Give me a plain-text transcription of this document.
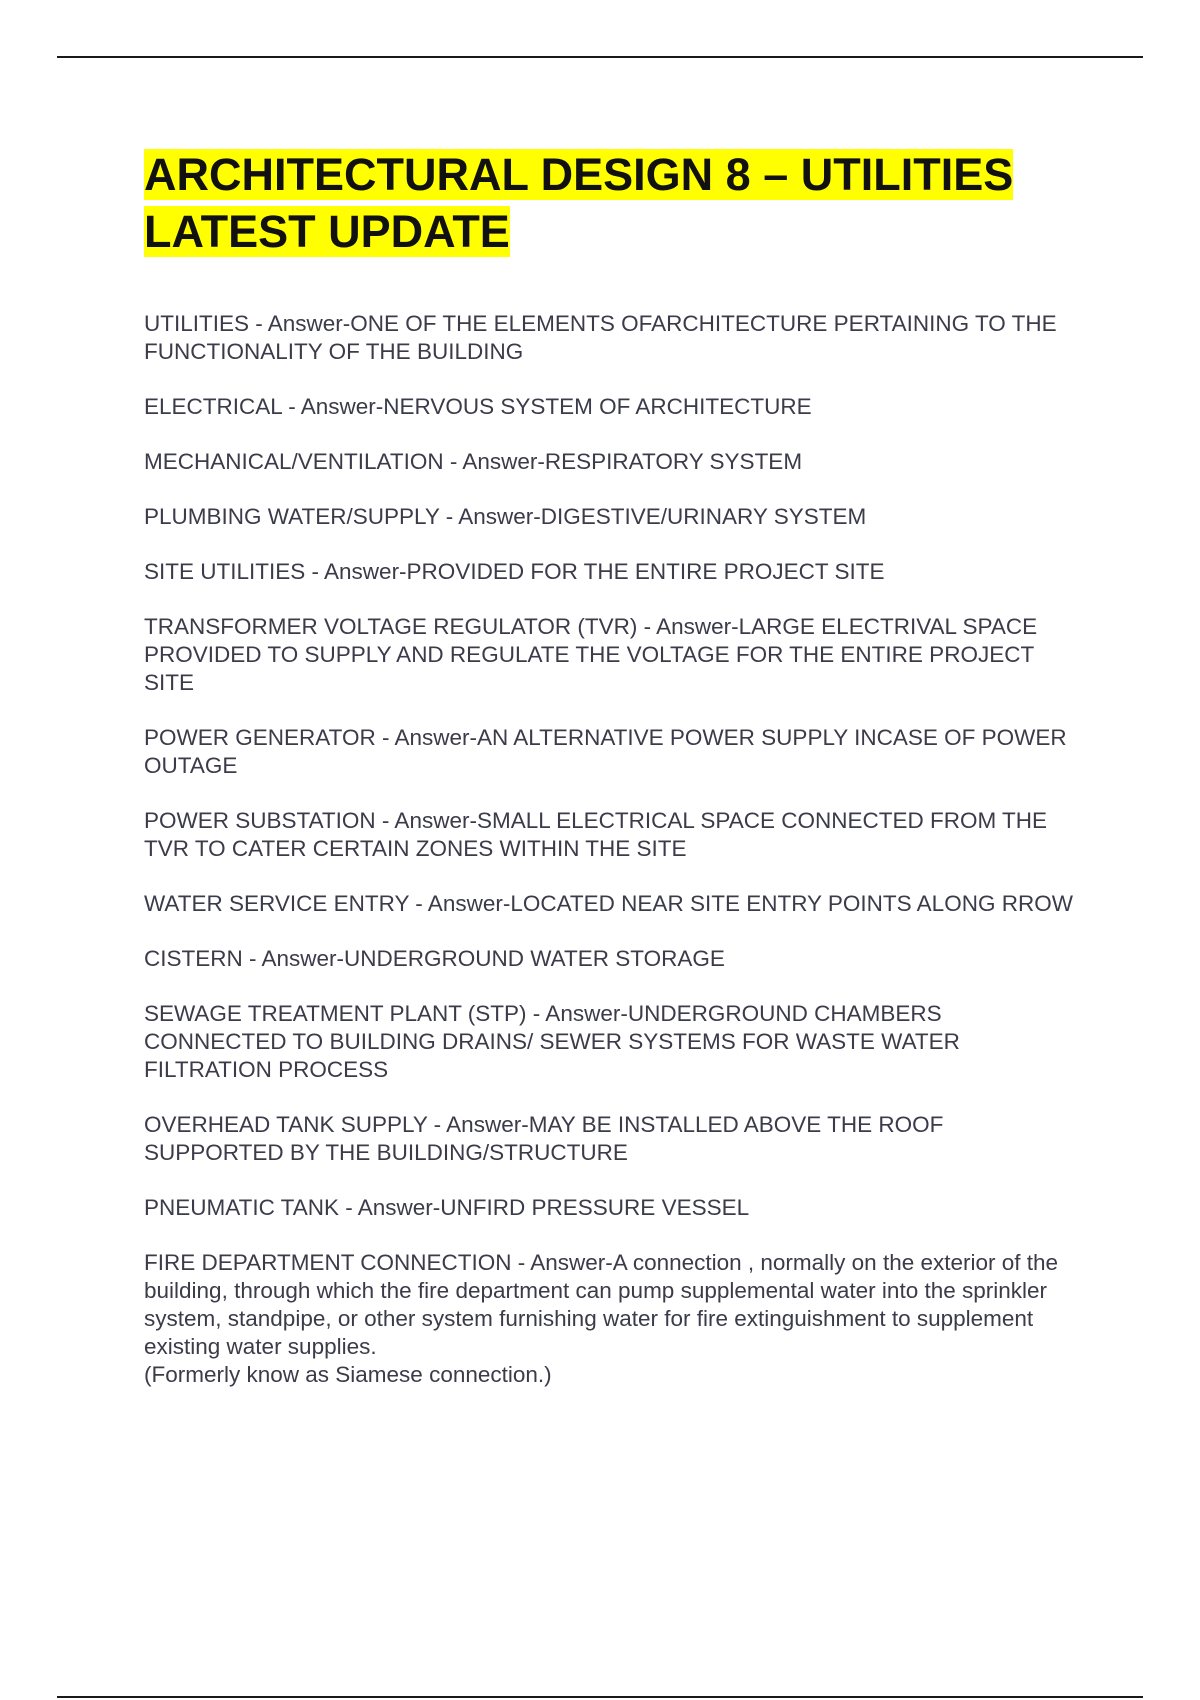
ARCHITECTURAL DESIGN 8 – UTILITIES
LATEST UPDATE

UTILITIES - Answer-ONE OF THE ELEMENTS OFARCHITECTURE PERTAINING TO THE FUNCTIONALITY OF THE BUILDING

ELECTRICAL - Answer-NERVOUS SYSTEM OF ARCHITECTURE

MECHANICAL/VENTILATION - Answer-RESPIRATORY SYSTEM

PLUMBING WATER/SUPPLY - Answer-DIGESTIVE/URINARY SYSTEM

SITE UTILITIES - Answer-PROVIDED FOR THE ENTIRE PROJECT SITE

TRANSFORMER VOLTAGE REGULATOR (TVR) - Answer-LARGE ELECTRIVAL SPACE PROVIDED TO SUPPLY AND REGULATE THE VOLTAGE FOR THE ENTIRE PROJECT SITE

POWER GENERATOR - Answer-AN ALTERNATIVE POWER SUPPLY INCASE OF POWER OUTAGE

POWER SUBSTATION - Answer-SMALL ELECTRICAL SPACE CONNECTED FROM THE TVR TO CATER CERTAIN ZONES WITHIN THE SITE

WATER SERVICE ENTRY - Answer-LOCATED NEAR SITE ENTRY POINTS ALONG RROW

CISTERN - Answer-UNDERGROUND WATER STORAGE

SEWAGE TREATMENT PLANT (STP) - Answer-UNDERGROUND CHAMBERS CONNECTED TO BUILDING DRAINS/ SEWER SYSTEMS FOR WASTE WATER FILTRATION PROCESS

OVERHEAD TANK SUPPLY - Answer-MAY BE INSTALLED ABOVE THE ROOF SUPPORTED BY THE BUILDING/STRUCTURE

PNEUMATIC TANK - Answer-UNFIRD PRESSURE VESSEL

FIRE DEPARTMENT CONNECTION - Answer-A connection , normally on the exterior of the building, through which the fire department can pump supplemental water into the sprinkler system, standpipe, or other system furnishing water for fire extinguishment to supplement existing water supplies.
(Formerly know as Siamese connection.)
